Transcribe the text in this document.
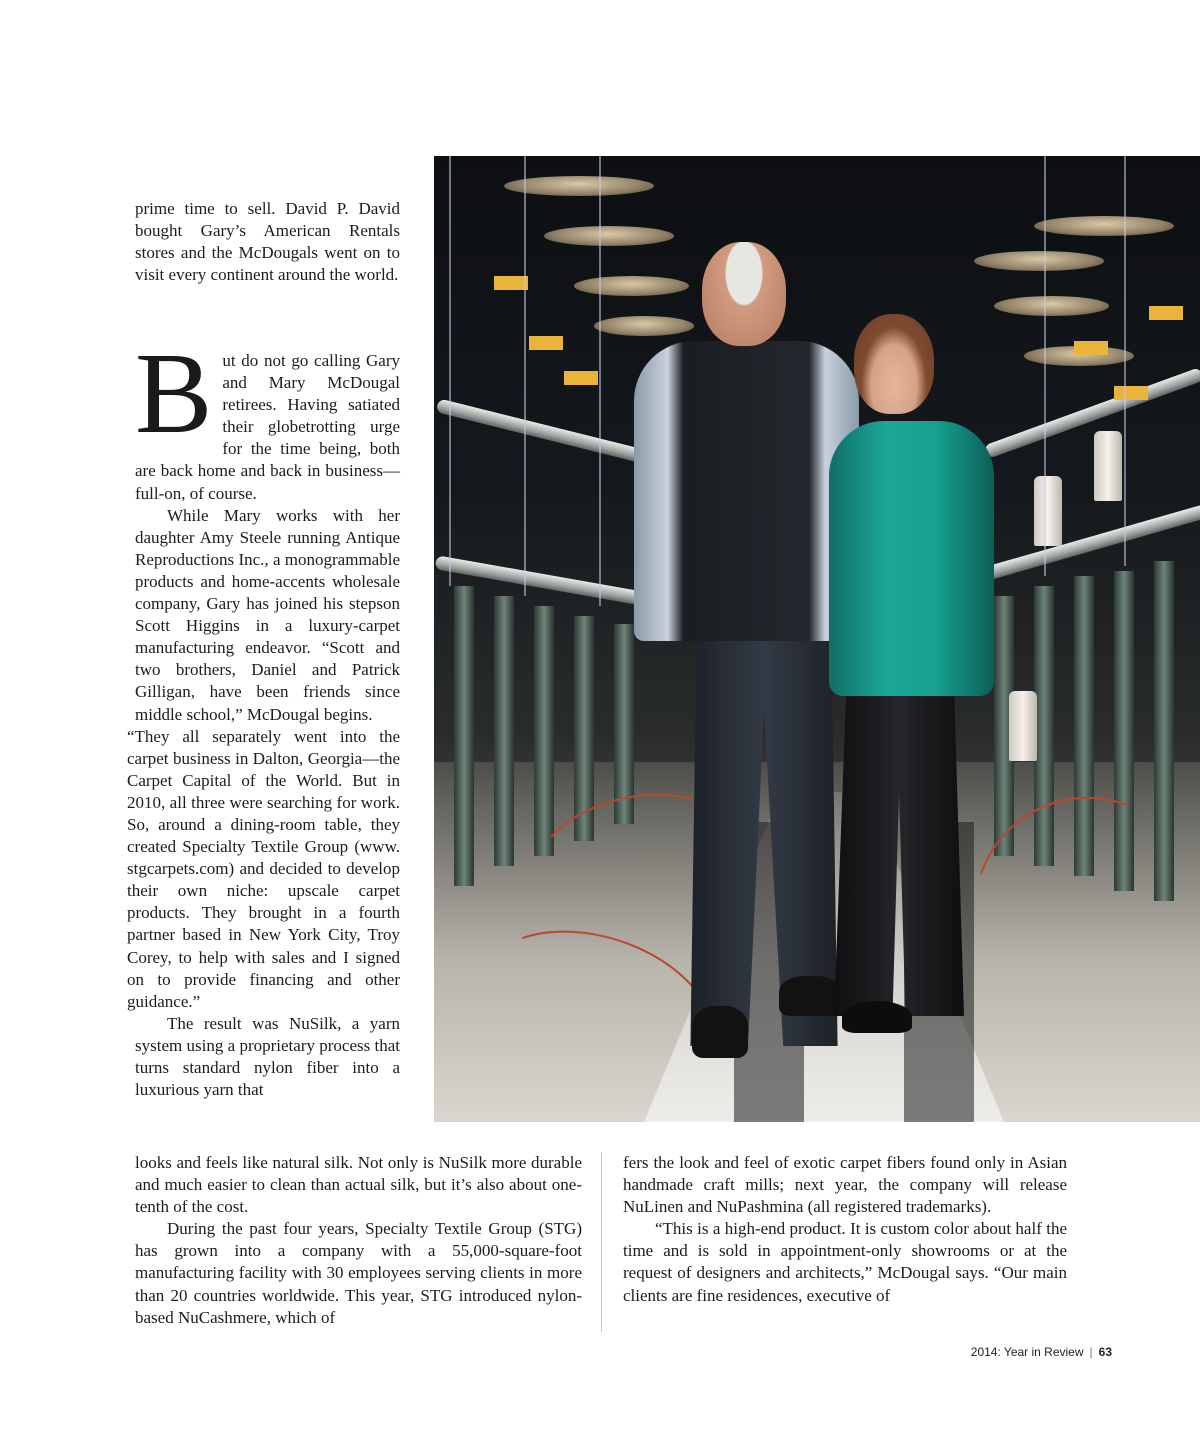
prime time to sell. David P. David bought Gary’s American Rentals stores and the McDougals went on to visit every continent around the world.

B ut do not go calling Gary and Mary McDougal retirees. Having satiated their globetrotting urge for the time being, both are back home and back in business—full-on, of course.

While Mary works with her daughter Amy Steele running Antique Reproductions Inc., a monogrammable products and home-accents wholesale company, Gary has joined his stepson Scott Higgins in a luxury-carpet manufacturing endeavor. “Scott and two brothers, Daniel and Patrick Gilligan, have been friends since middle school,” McDougal begins.

“They all separately went into the carpet business in Dalton, Georgia—the Carpet Capital of the World. But in 2010, all three were searching for work. So, around a dining-room table, they created Specialty Textile Group (www. stgcarpets.com) and decided to develop their own niche: upscale carpet products. They brought in a fourth partner based in New York City, Troy Corey, to help with sales and I signed on to provide financing and other guidance.”

The result was NuSilk, a yarn system using a proprietary process that turns standard nylon fiber into a luxurious yarn that

looks and feels like natural silk. Not only is NuSilk more durable and much easier to clean than actual silk, but it’s also about one-tenth of the cost.

During the past four years, Specialty Textile Group (STG) has grown into a company with a 55,000-square-foot manufacturing facility with 30 employees serving clients in more than 20 countries worldwide. This year, STG introduced nylon-based NuCashmere, which of

fers the look and feel of exotic carpet fibers found only in Asian handmade craft mills; next year, the company will release NuLinen and NuPashmina (all registered trademarks).

“This is a high-end product. It is custom color about half the time and is sold in appointment-only showrooms or at the request of designers and architects,” McDougal says. “Our main clients are fine residences, executive of

2014: Year in Review | 63
